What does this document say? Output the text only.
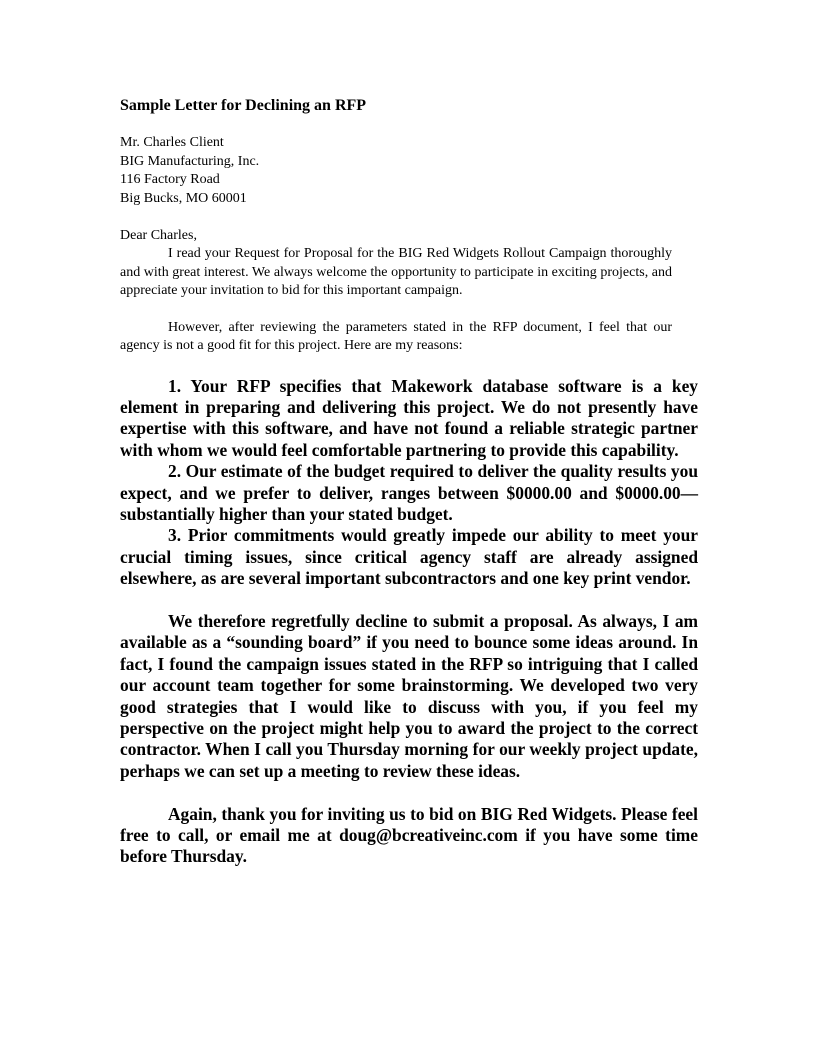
Sample Letter for Declining an RFP
Mr. Charles Client
BIG Manufacturing, Inc.
116 Factory Road
Big Bucks, MO 60001
Dear Charles,
I read your Request for Proposal for the BIG Red Widgets Rollout Campaign thoroughly and with great interest. We always welcome the opportunity to participate in exciting projects, and appreciate your invitation to bid for this important campaign.
However, after reviewing the parameters stated in the RFP document, I feel that our agency is not a good fit for this project. Here are my reasons:
1. Your RFP specifies that Makework database software is a key element in preparing and delivering this project. We do not presently have expertise with this software, and have not found a reliable strategic partner with whom we would feel comfortable partnering to provide this capability.
2. Our estimate of the budget required to deliver the quality results you expect, and we prefer to deliver, ranges between $0000.00 and $0000.00—substantially higher than your stated budget.
3. Prior commitments would greatly impede our ability to meet your crucial timing issues, since critical agency staff are already assigned elsewhere, as are several important subcontractors and one key print vendor.
We therefore regretfully decline to submit a proposal. As always, I am available as a “sounding board” if you need to bounce some ideas around. In fact, I found the campaign issues stated in the RFP so intriguing that I called our account team together for some brainstorming. We developed two very good strategies that I would like to discuss with you, if you feel my perspective on the project might help you to award the project to the correct contractor. When I call you Thursday morning for our weekly project update, perhaps we can set up a meeting to review these ideas.
Again, thank you for inviting us to bid on BIG Red Widgets. Please feel free to call, or email me at doug@bcreativeinc.com if you have some time before Thursday.
